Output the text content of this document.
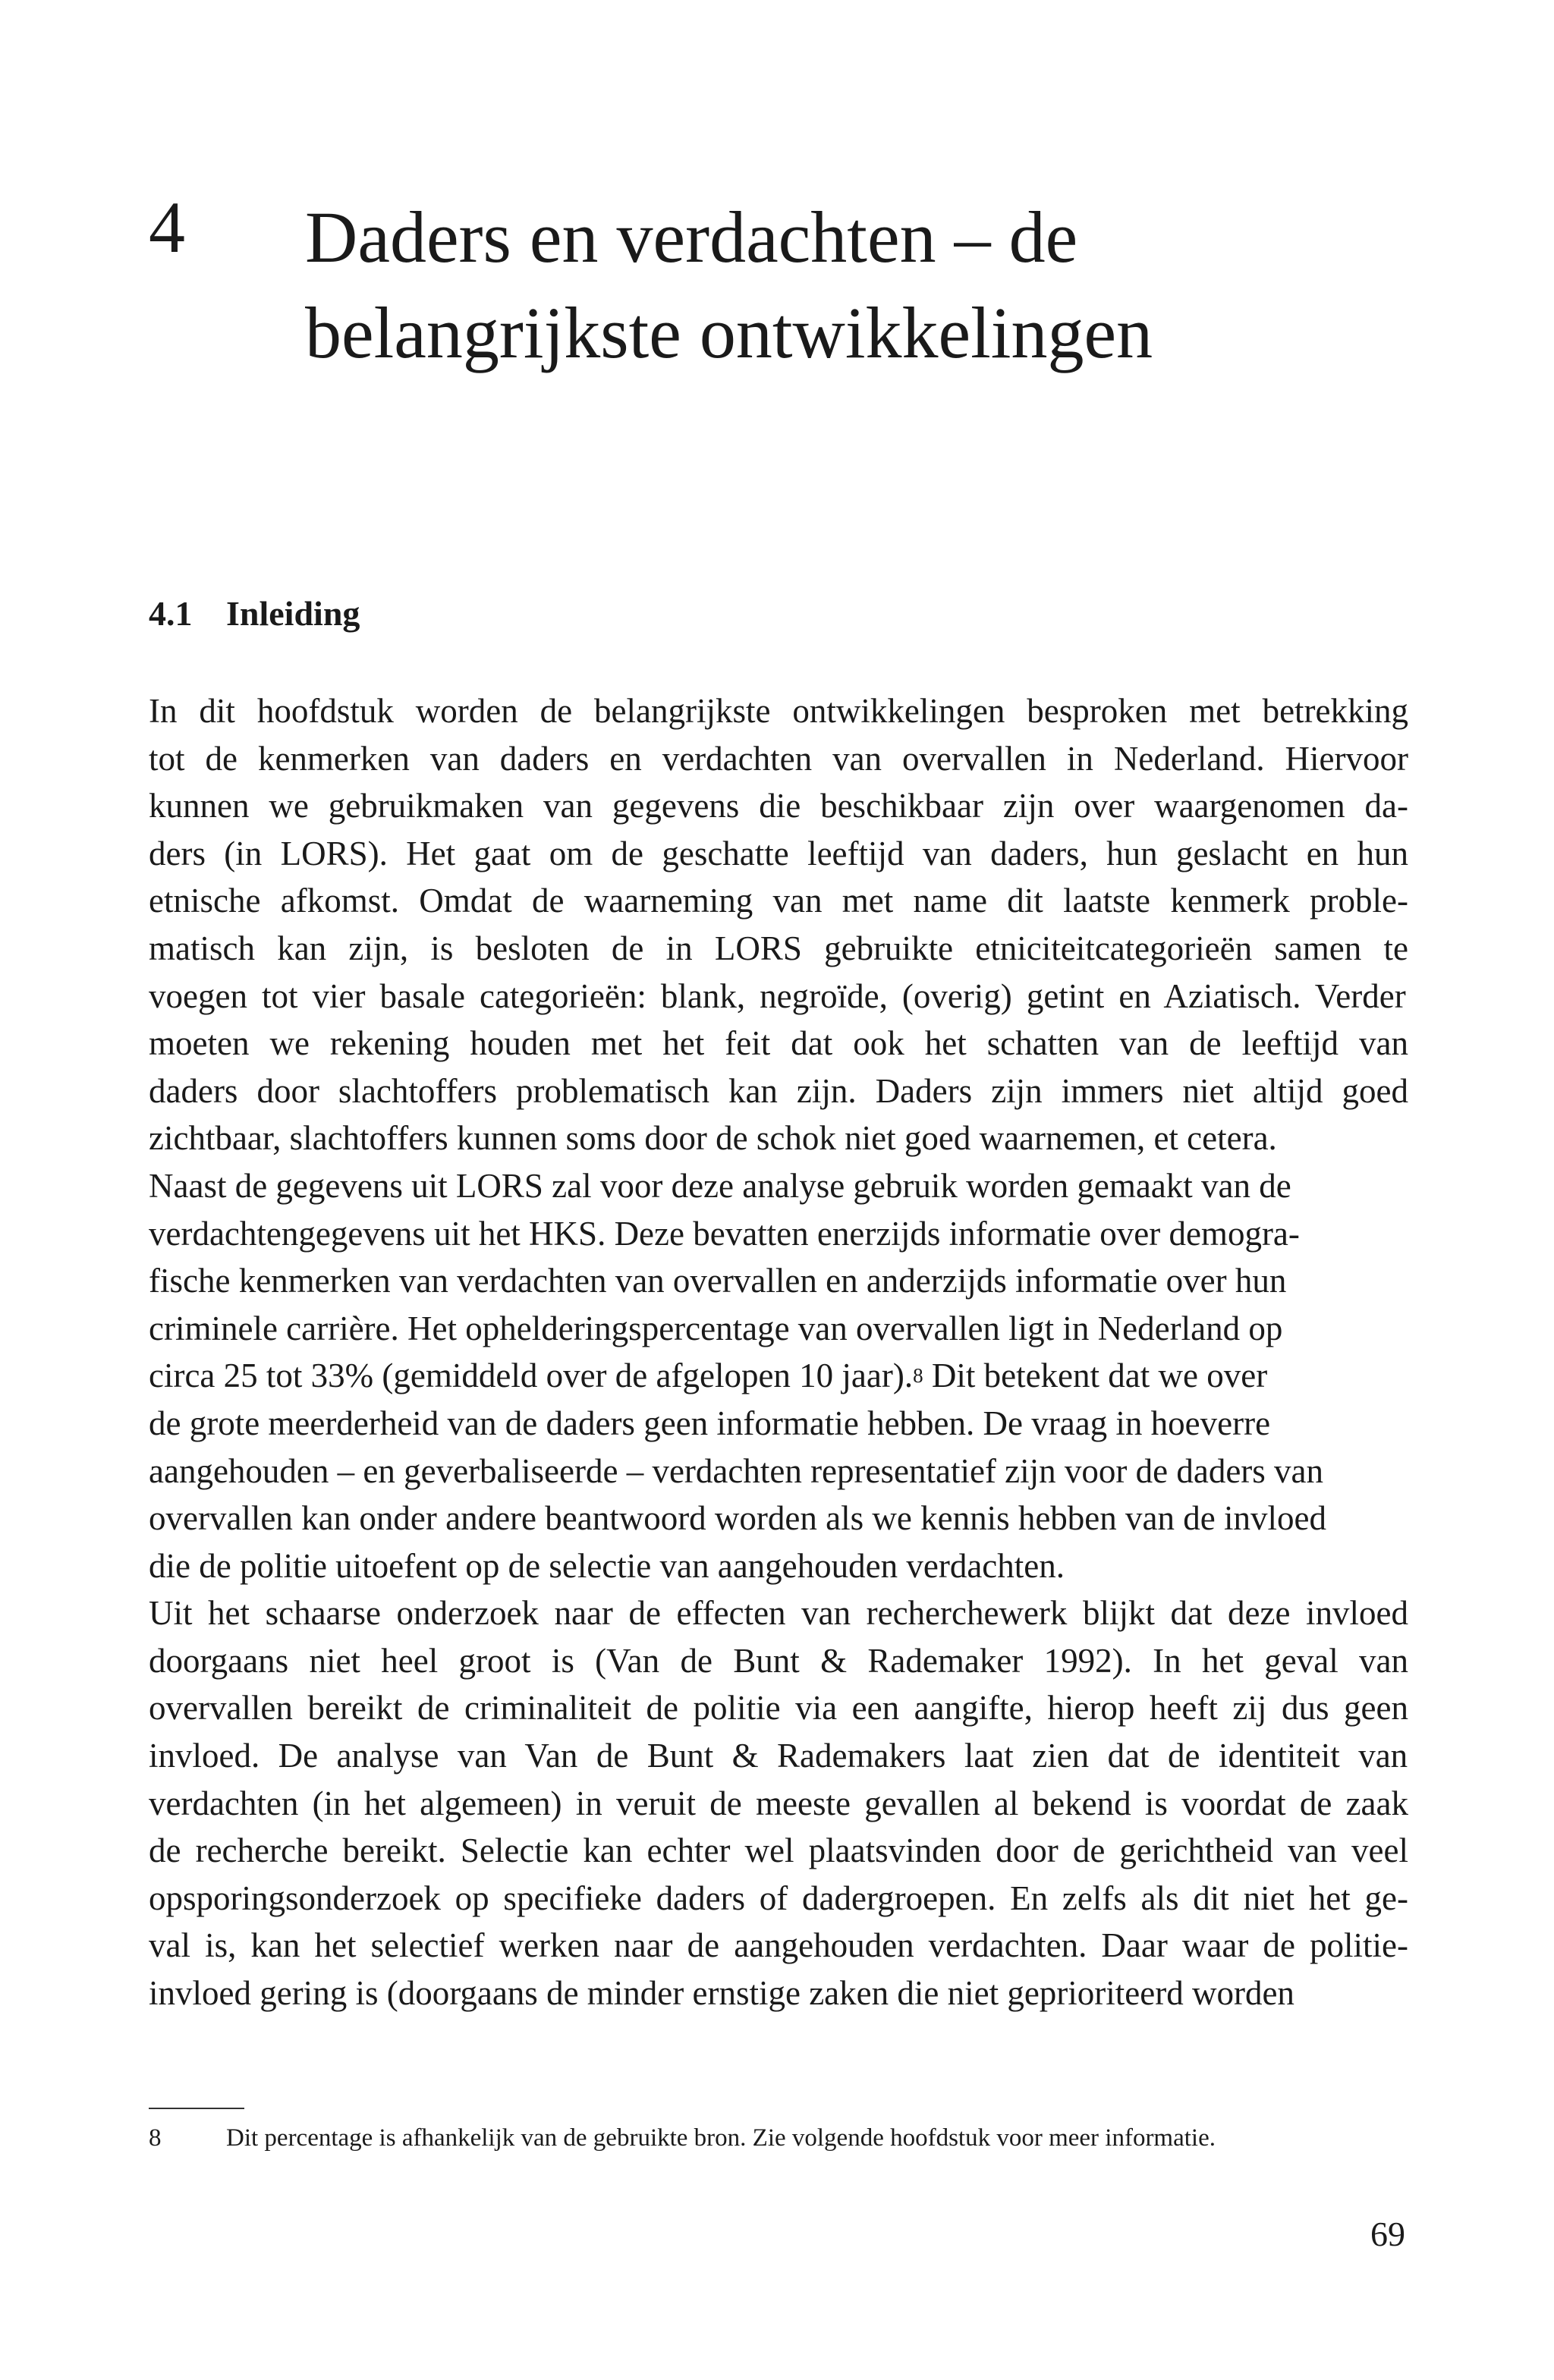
4 Daders en verdachten – de
belangrijkste ontwikkelingen
4.1 Inleiding

In dit hoofdstuk worden de belangrijkste ontwikkelingen besproken met betrekking
tot de kenmerken van daders en verdachten van overvallen in Nederland. Hiervoor
kunnen we gebruikmaken van gegevens die beschikbaar zijn over waargenomen da-
ders (in LORS). Het gaat om de geschatte leeftijd van daders, hun geslacht en hun
etnische afkomst. Omdat de waarneming van met name dit laatste kenmerk proble-
matisch kan zijn, is besloten de in LORS gebruikte etniciteitcategorieën samen te
voegen tot vier basale categorieën: blank, negroïde, (overig) getint en Aziatisch. Verder
moeten we rekening houden met het feit dat ook het schatten van de leeftijd van
daders door slachtoffers problematisch kan zijn. Daders zijn immers niet altijd goed
zichtbaar, slachtoffers kunnen soms door de schok niet goed waarnemen, et cetera.

Naast de gegevens uit LORS zal voor deze analyse gebruik worden gemaakt van de
verdachtengegevens uit het HKS. Deze bevatten enerzijds informatie over demogra-
fische kenmerken van verdachten van overvallen en anderzijds informatie over hun
criminele carrière. Het ophelderingspercentage van overvallen ligt in Nederland op
circa 25 tot 33% (gemiddeld over de afgelopen 10 jaar).$^8$ Dit betekent dat we over
de grote meerderheid van de daders geen informatie hebben. De vraag in hoeverre
aangehouden – en geverbaliseerde – verdachten representatief zijn voor de daders van
overvallen kan onder andere beantwoord worden als we kennis hebben van de invloed
die de politie uitoefent op de selectie van aangehouden verdachten.

Uit het schaarse onderzoek naar de effecten van recherchewerk blijkt dat deze invloed
doorgaans niet heel groot is (Van de Bunt & Rademaker 1992). In het geval van
overvallen bereikt de criminaliteit de politie via een aangifte, hierop heeft zij dus geen
invloed. De analyse van Van de Bunt & Rademakers laat zien dat de identiteit van
verdachten (in het algemeen) in veruit de meeste gevallen al bekend is voordat de zaak
de recherche bereikt. Selectie kan echter wel plaatsvinden door de gerichtheid van veel
opsporingsonderzoek op specifieke daders of dadergroepen. En zelfs als dit niet het ge-
val is, kan het selectief werken naar de aangehouden verdachten. Daar waar de politie-
invloed gering is (doorgaans de minder ernstige zaken die niet geprioriteerd worden

8	Dit percentage is afhankelijk van de gebruikte bron. Zie volgende hoofdstuk voor meer informatie.
69
